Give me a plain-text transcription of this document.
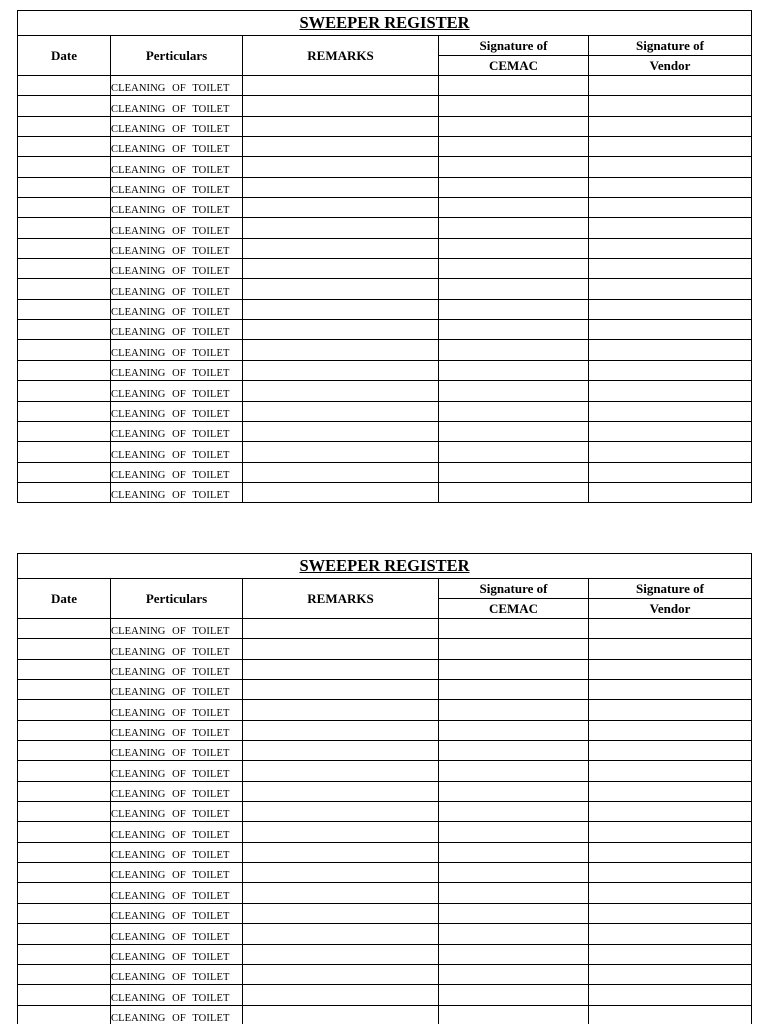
SWEEPER REGISTER				
Date	Perticulars	REMARKS	Signature of	Signature of
			CEMAC	Vendor
	CLEANING OF TOILET			
	CLEANING OF TOILET			
	CLEANING OF TOILET			
	CLEANING OF TOILET			
	CLEANING OF TOILET			
	CLEANING OF TOILET			
	CLEANING OF TOILET			
	CLEANING OF TOILET			
	CLEANING OF TOILET			
	CLEANING OF TOILET			
	CLEANING OF TOILET			
	CLEANING OF TOILET			
	CLEANING OF TOILET			
	CLEANING OF TOILET			
	CLEANING OF TOILET			
	CLEANING OF TOILET			
	CLEANING OF TOILET			
	CLEANING OF TOILET			
	CLEANING OF TOILET			
	CLEANING OF TOILET			
	CLEANING OF TOILET			
SWEEPER REGISTER				
Date	Perticulars	REMARKS	Signature of	Signature of
			CEMAC	Vendor
	CLEANING OF TOILET			
	CLEANING OF TOILET			
	CLEANING OF TOILET			
	CLEANING OF TOILET			
	CLEANING OF TOILET			
	CLEANING OF TOILET			
	CLEANING OF TOILET			
	CLEANING OF TOILET			
	CLEANING OF TOILET			
	CLEANING OF TOILET			
	CLEANING OF TOILET			
	CLEANING OF TOILET			
	CLEANING OF TOILET			
	CLEANING OF TOILET			
	CLEANING OF TOILET			
	CLEANING OF TOILET			
	CLEANING OF TOILET			
	CLEANING OF TOILET			
	CLEANING OF TOILET			
	CLEANING OF TOILET			
